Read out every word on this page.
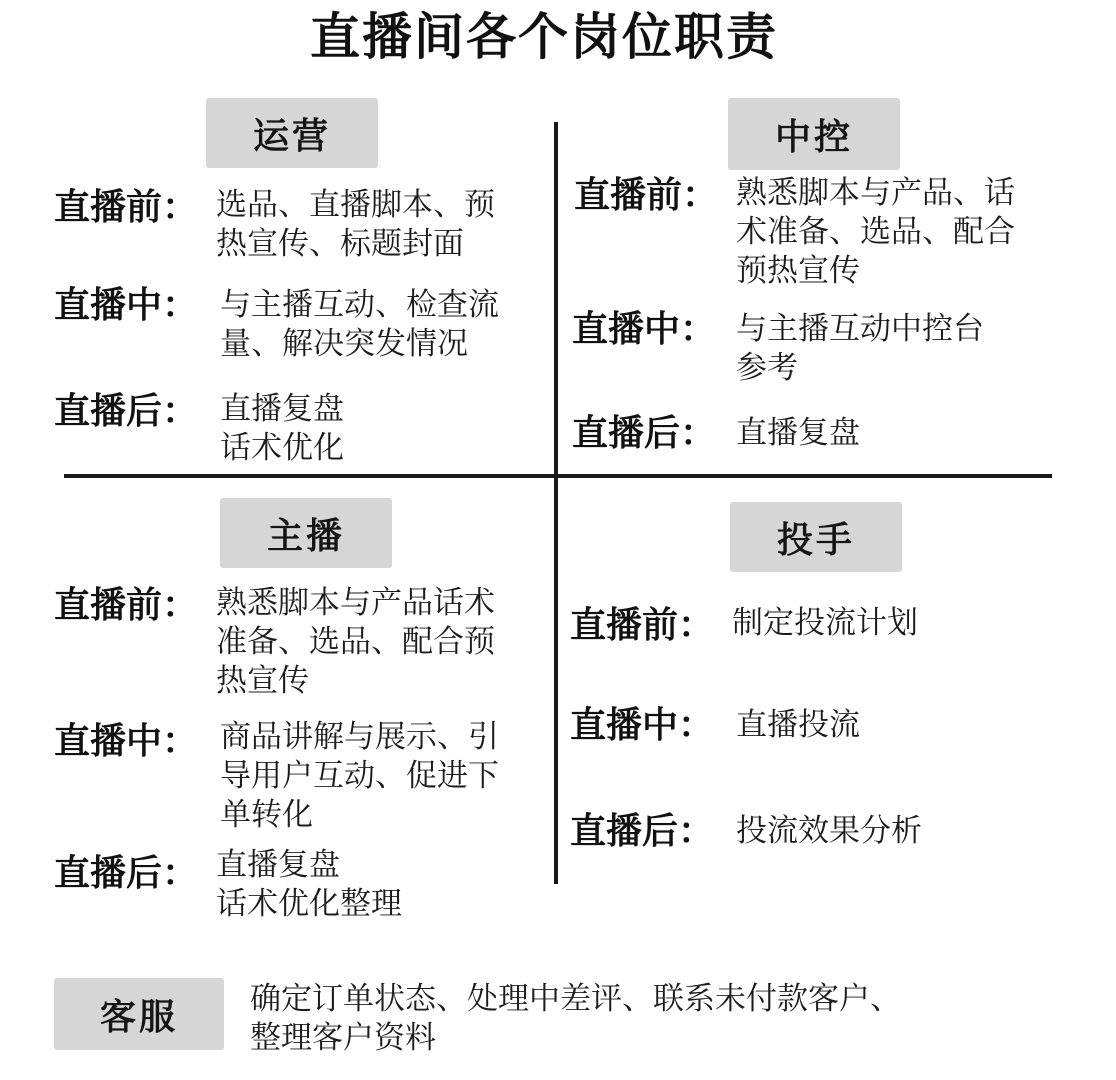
直播间各个岗位职责
运营
直播前： 选品、直播脚本、预
热宣传、标题封面
直播中： 与主播互动、检查流
量、解决突发情况
直播后： 直播复盘
话术优化
中控
直播前： 熟悉脚本与产品、话
术准备、选品、配合
预热宣传
直播中： 与主播互动中控台
参考
直播后： 直播复盘
主播
直播前： 熟悉脚本与产品话术
准备、选品、配合预
热宣传
直播中： 商品讲解与展示、引
导用户互动、促进下
单转化
直播后： 直播复盘
话术优化整理
投手
直播前： 制定投流计划
直播中： 直播投流
直播后： 投流效果分析
客服	确定订单状态、处理中差评、联系未付款客户、
整理客户资料
